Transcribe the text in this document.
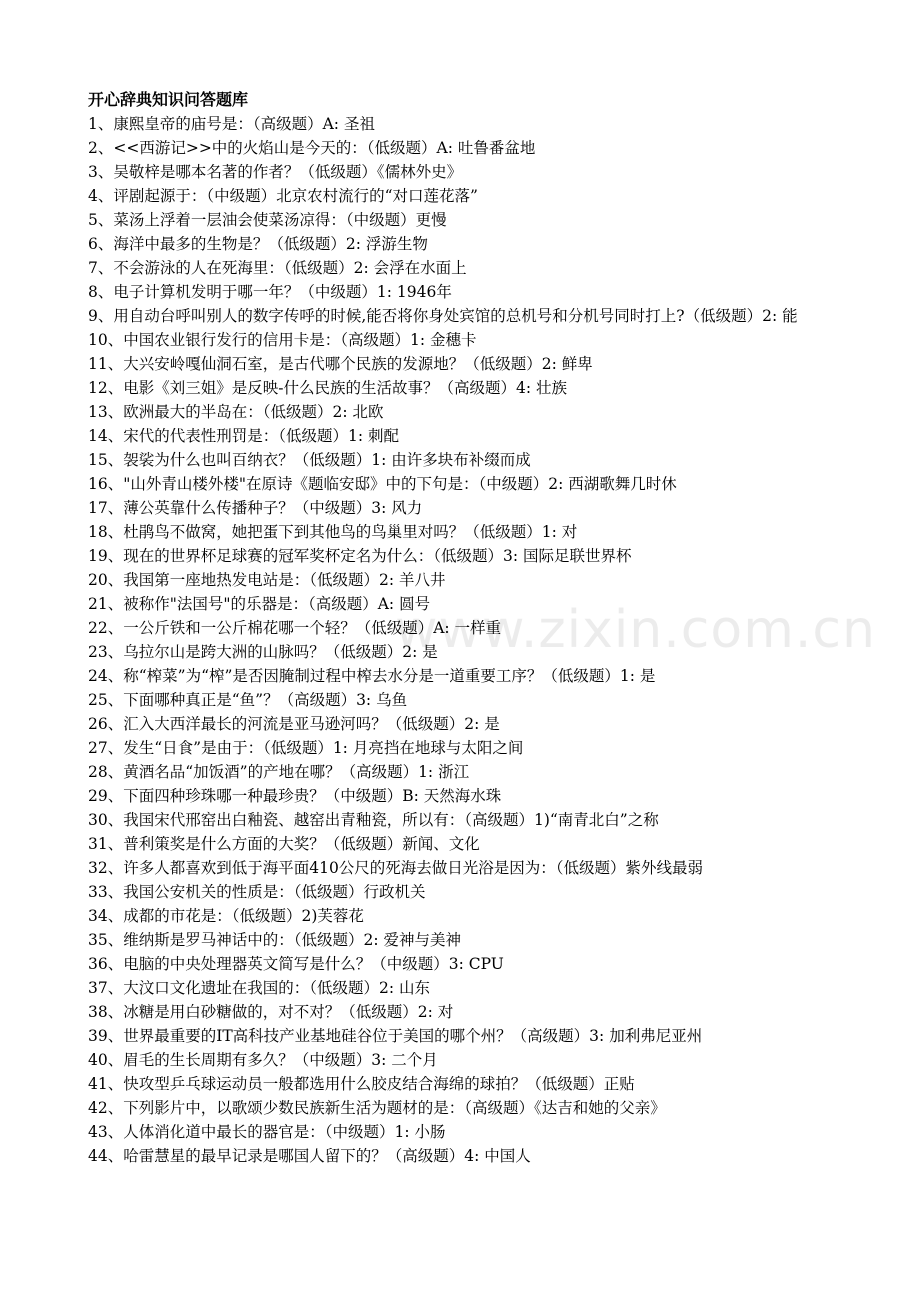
www.zixin.com.cn
开心辞典知识问答题库
1、康熙皇帝的庙号是：（高级题）A: 圣祖
2、<<西游记>>中的火焰山是今天的：（低级题）A: 吐鲁番盆地
3、吴敬梓是哪本名著的作者？（低级题）《儒林外史》
4、评剧起源于：（中级题）北京农村流行的“对口莲花落”
5、菜汤上浮着一层油会使菜汤凉得：（中级题）更慢
6、海洋中最多的生物是？（低级题）2: 浮游生物
7、不会游泳的人在死海里：（低级题）2: 会浮在水面上
8、电子计算机发明于哪一年？（中级题）1: 1946年
9、用自动台呼叫别人的数字传呼的时候,能否将你身处宾馆的总机号和分机号同时打上?（低级题）2: 能
10、中国农业银行发行的信用卡是：（高级题）1: 金穗卡
11、大兴安岭嘎仙洞石室，是古代哪个民族的发源地？（低级题）2: 鲜卑
12、电影《刘三姐》是反映-什么民族的生活故事？（高级题）4: 壮族
13、欧洲最大的半岛在：（低级题）2: 北欧
14、宋代的代表性刑罚是：（低级题）1: 刺配
15、袈裟为什么也叫百纳衣？（低级题）1: 由许多块布补缀而成
16、"山外青山楼外楼"在原诗《题临安邸》中的下句是：（中级题）2: 西湖歌舞几时休
17、薄公英靠什么传播种子？（中级题）3: 风力
18、杜鹃鸟不做窝，她把蛋下到其他鸟的鸟巢里对吗？（低级题）1: 对
19、现在的世界杯足球赛的冠军奖杯定名为什么：（低级题）3: 国际足联世界杯
20、我国第一座地热发电站是：（低级题）2: 羊八井
21、被称作"法国号"的乐器是：（高级题）A: 圆号
22、一公斤铁和一公斤棉花哪一个轻？（低级题）A: 一样重
23、乌拉尔山是跨大洲的山脉吗？（低级题）2: 是
24、称“榨菜”为“榨”是否因腌制过程中榨去水分是一道重要工序？（低级题）1: 是
25、下面哪种真正是“鱼”？（高级题）3: 乌鱼
26、汇入大西洋最长的河流是亚马逊河吗？（低级题）2: 是
27、发生“日食”是由于：（低级题）1: 月亮挡在地球与太阳之间
28、黄酒名品“加饭酒”的产地在哪？（高级题）1: 浙江
29、下面四种珍珠哪一种最珍贵？（中级题）B: 天然海水珠
30、我国宋代邢窑出白釉瓷、越窑出青釉瓷，所以有：（高级题）1)“南青北白”之称
31、普利策奖是什么方面的大奖？（低级题）新闻、文化
32、许多人都喜欢到低于海平面410公尺的死海去做日光浴是因为：（低级题）紫外线最弱
33、我国公安机关的性质是：（低级题）行政机关
34、成都的市花是：（低级题）2)芙蓉花
35、维纳斯是罗马神话中的：（低级题）2: 爱神与美神
36、电脑的中央处理器英文简写是什么？（中级题）3: CPU
37、大汶口文化遗址在我国的：（低级题）2: 山东
38、冰糖是用白砂糖做的，对不对？（低级题）2: 对
39、世界最重要的IT高科技产业基地硅谷位于美国的哪个州？（高级题）3: 加利弗尼亚州
40、眉毛的生长周期有多久？（中级题）3: 二个月
41、快攻型乒乓球运动员一般都选用什么胶皮结合海绵的球拍？（低级题）正贴
42、下列影片中，以歌颂少数民族新生活为题材的是：（高级题）《达吉和她的父亲》
43、人体消化道中最长的器官是：（中级题）1: 小肠
44、哈雷慧星的最早记录是哪国人留下的？（高级题）4: 中国人
